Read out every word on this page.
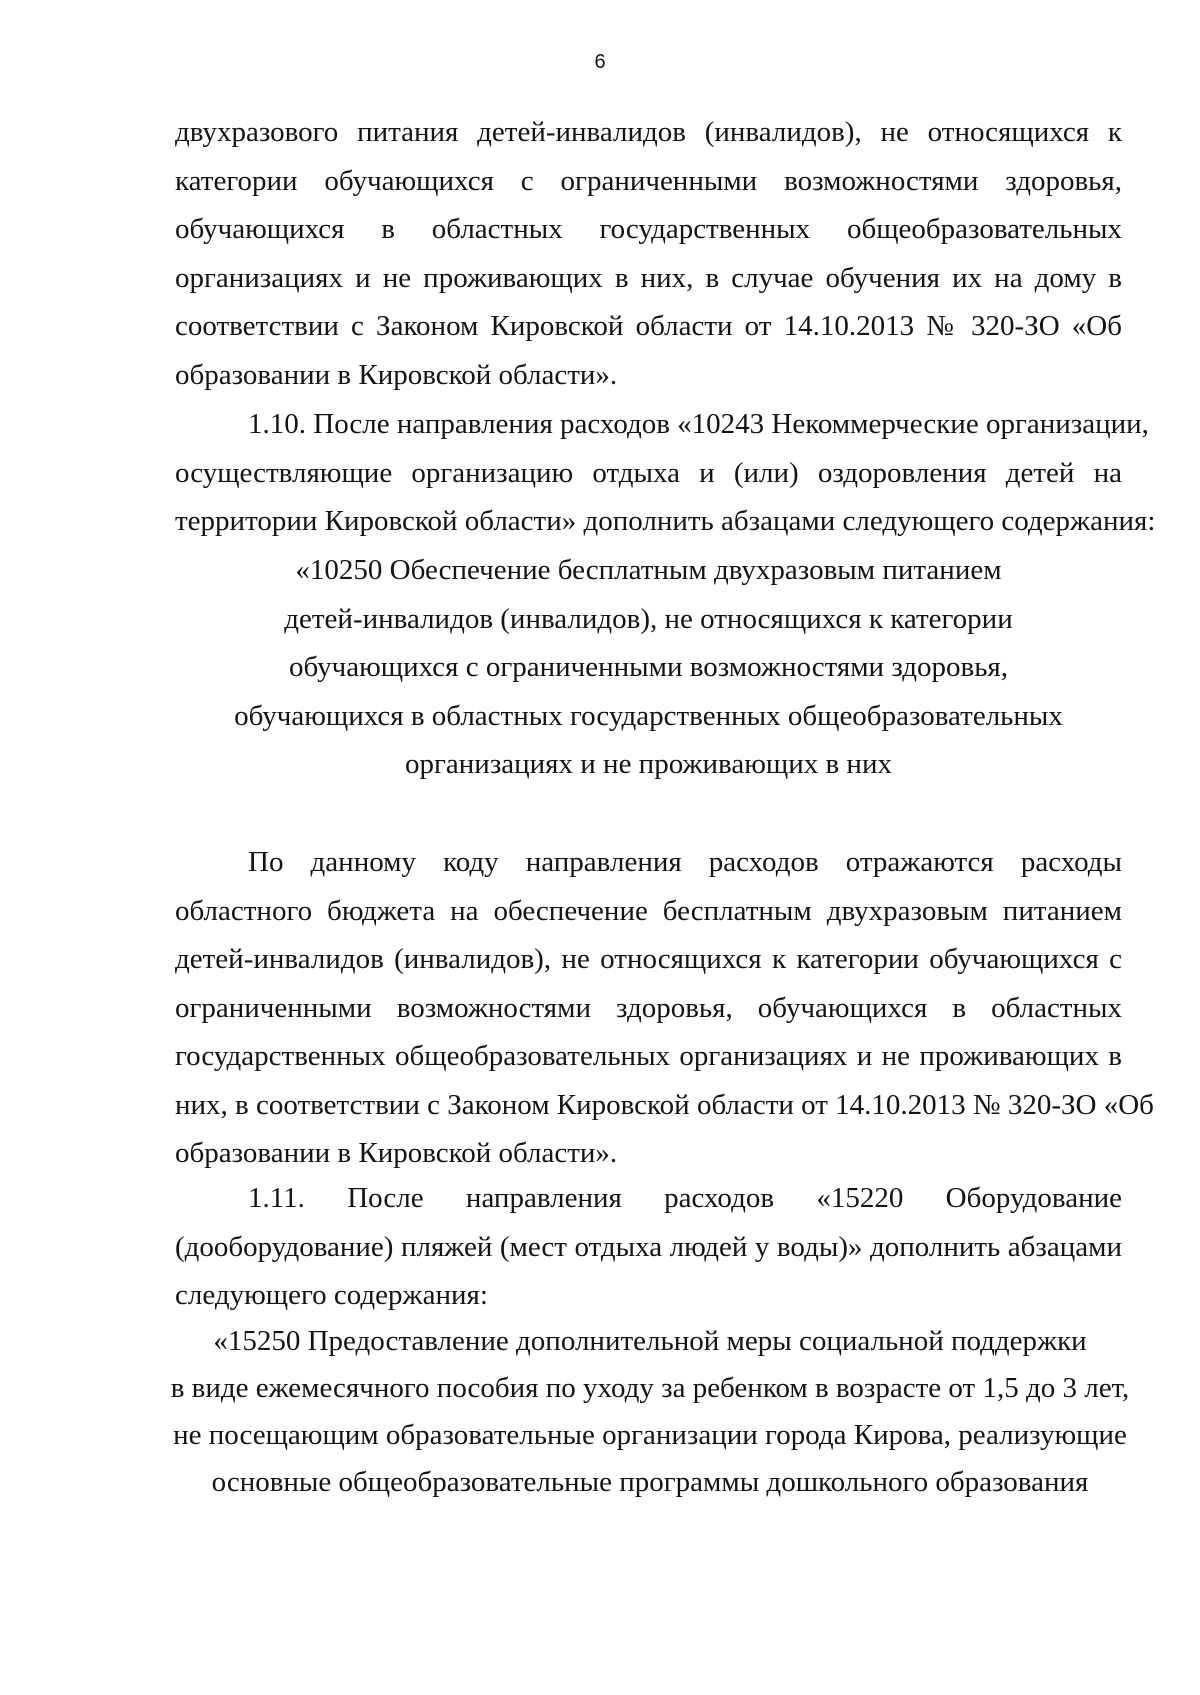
6
двухразового питания детей-инвалидов (инвалидов), не относящихся к
категории обучающихся с ограниченными возможностями здоровья,
обучающихся в областных государственных общеобразовательных
организациях и не проживающих в них, в случае обучения их на дому в
соответствии с Законом Кировской области от 14.10.2013 № 320-ЗО «Об
образовании в Кировской области».
1.10. После направления расходов «10243 Некоммерческие организации,
осуществляющие организацию отдыха и (или) оздоровления детей на
территории Кировской области» дополнить абзацами следующего содержания:
«10250 Обеспечение бесплатным двухразовым питанием
детей-инвалидов (инвалидов), не относящихся к категории
обучающихся с ограниченными возможностями здоровья,
обучающихся в областных государственных общеобразовательных
организациях и не проживающих в них
По данному коду направления расходов отражаются расходы
областного бюджета на обеспечение бесплатным двухразовым питанием
детей-инвалидов (инвалидов), не относящихся к категории обучающихся с
ограниченными возможностями здоровья, обучающихся в областных
государственных общеобразовательных организациях и не проживающих в
них, в соответствии с Законом Кировской области от 14.10.2013 № 320-ЗО «Об
образовании в Кировской области».
1.11. После направления расходов «15220 Оборудование
(дооборудование) пляжей (мест отдыха людей у воды)» дополнить абзацами
следующего содержания:
«15250 Предоставление дополнительной меры социальной поддержки
в виде ежемесячного пособия по уходу за ребенком в возрасте от 1,5 до 3 лет,
не посещающим образовательные организации города Кирова, реализующие
основные общеобразовательные программы дошкольного образования
